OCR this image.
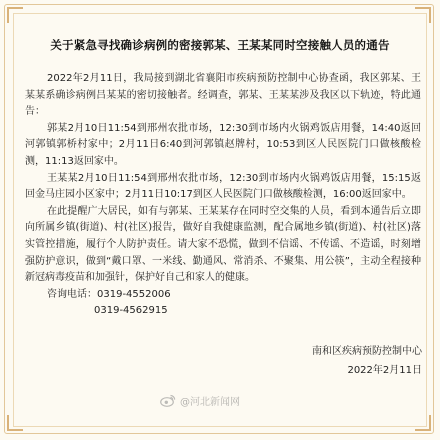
关于紧急寻找确诊病例的密接郭某、王某某同时空接触人员的通告

2022年2月11日，我局接到湖北省襄阳市疾病预防控制中心协查函，我区郭某、王某某系确诊病例吕某某的密切接触者。经调查，郭某、王某某涉及我区以下轨迹，特此通告：

郭某2月10日11:54到邢州农批市场，12:30到市场内火锅鸡饭店用餐，14:40返回河郭镇郭桥村家中；2月11日6:40到河郭镇赵牌村，10:53到区人民医院门口做核酸检测，11:13返回家中。

王某某2月10日11:54到邢州农批市场，12:30到市场内火锅鸡饭店用餐，15:15返回金马庄园小区家中；2月11日10:17到区人民医院门口做核酸检测，16:00返回家中。

在此提醒广大居民，如有与郭某、王某某存在同时空交集的人员，看到本通告后立即向所属乡镇(街道)、村(社区)报告，做好自我健康监测，配合属地乡镇(街道)、村(社区)落实管控措施，履行个人防护责任。请大家不恐慌，做到不信谣、不传谣、不造谣，时刻增强防护意识，做到“戴口罩、一米线、勤通风、常消杀、不聚集、用公筷”，主动全程接种新冠病毒疫苗和加强针，保护好自己和家人的健康。

咨询电话：0319-4552006

0319-4562915

南和区疾病预防控制中心
2022年2月11日
@河北新闻网
